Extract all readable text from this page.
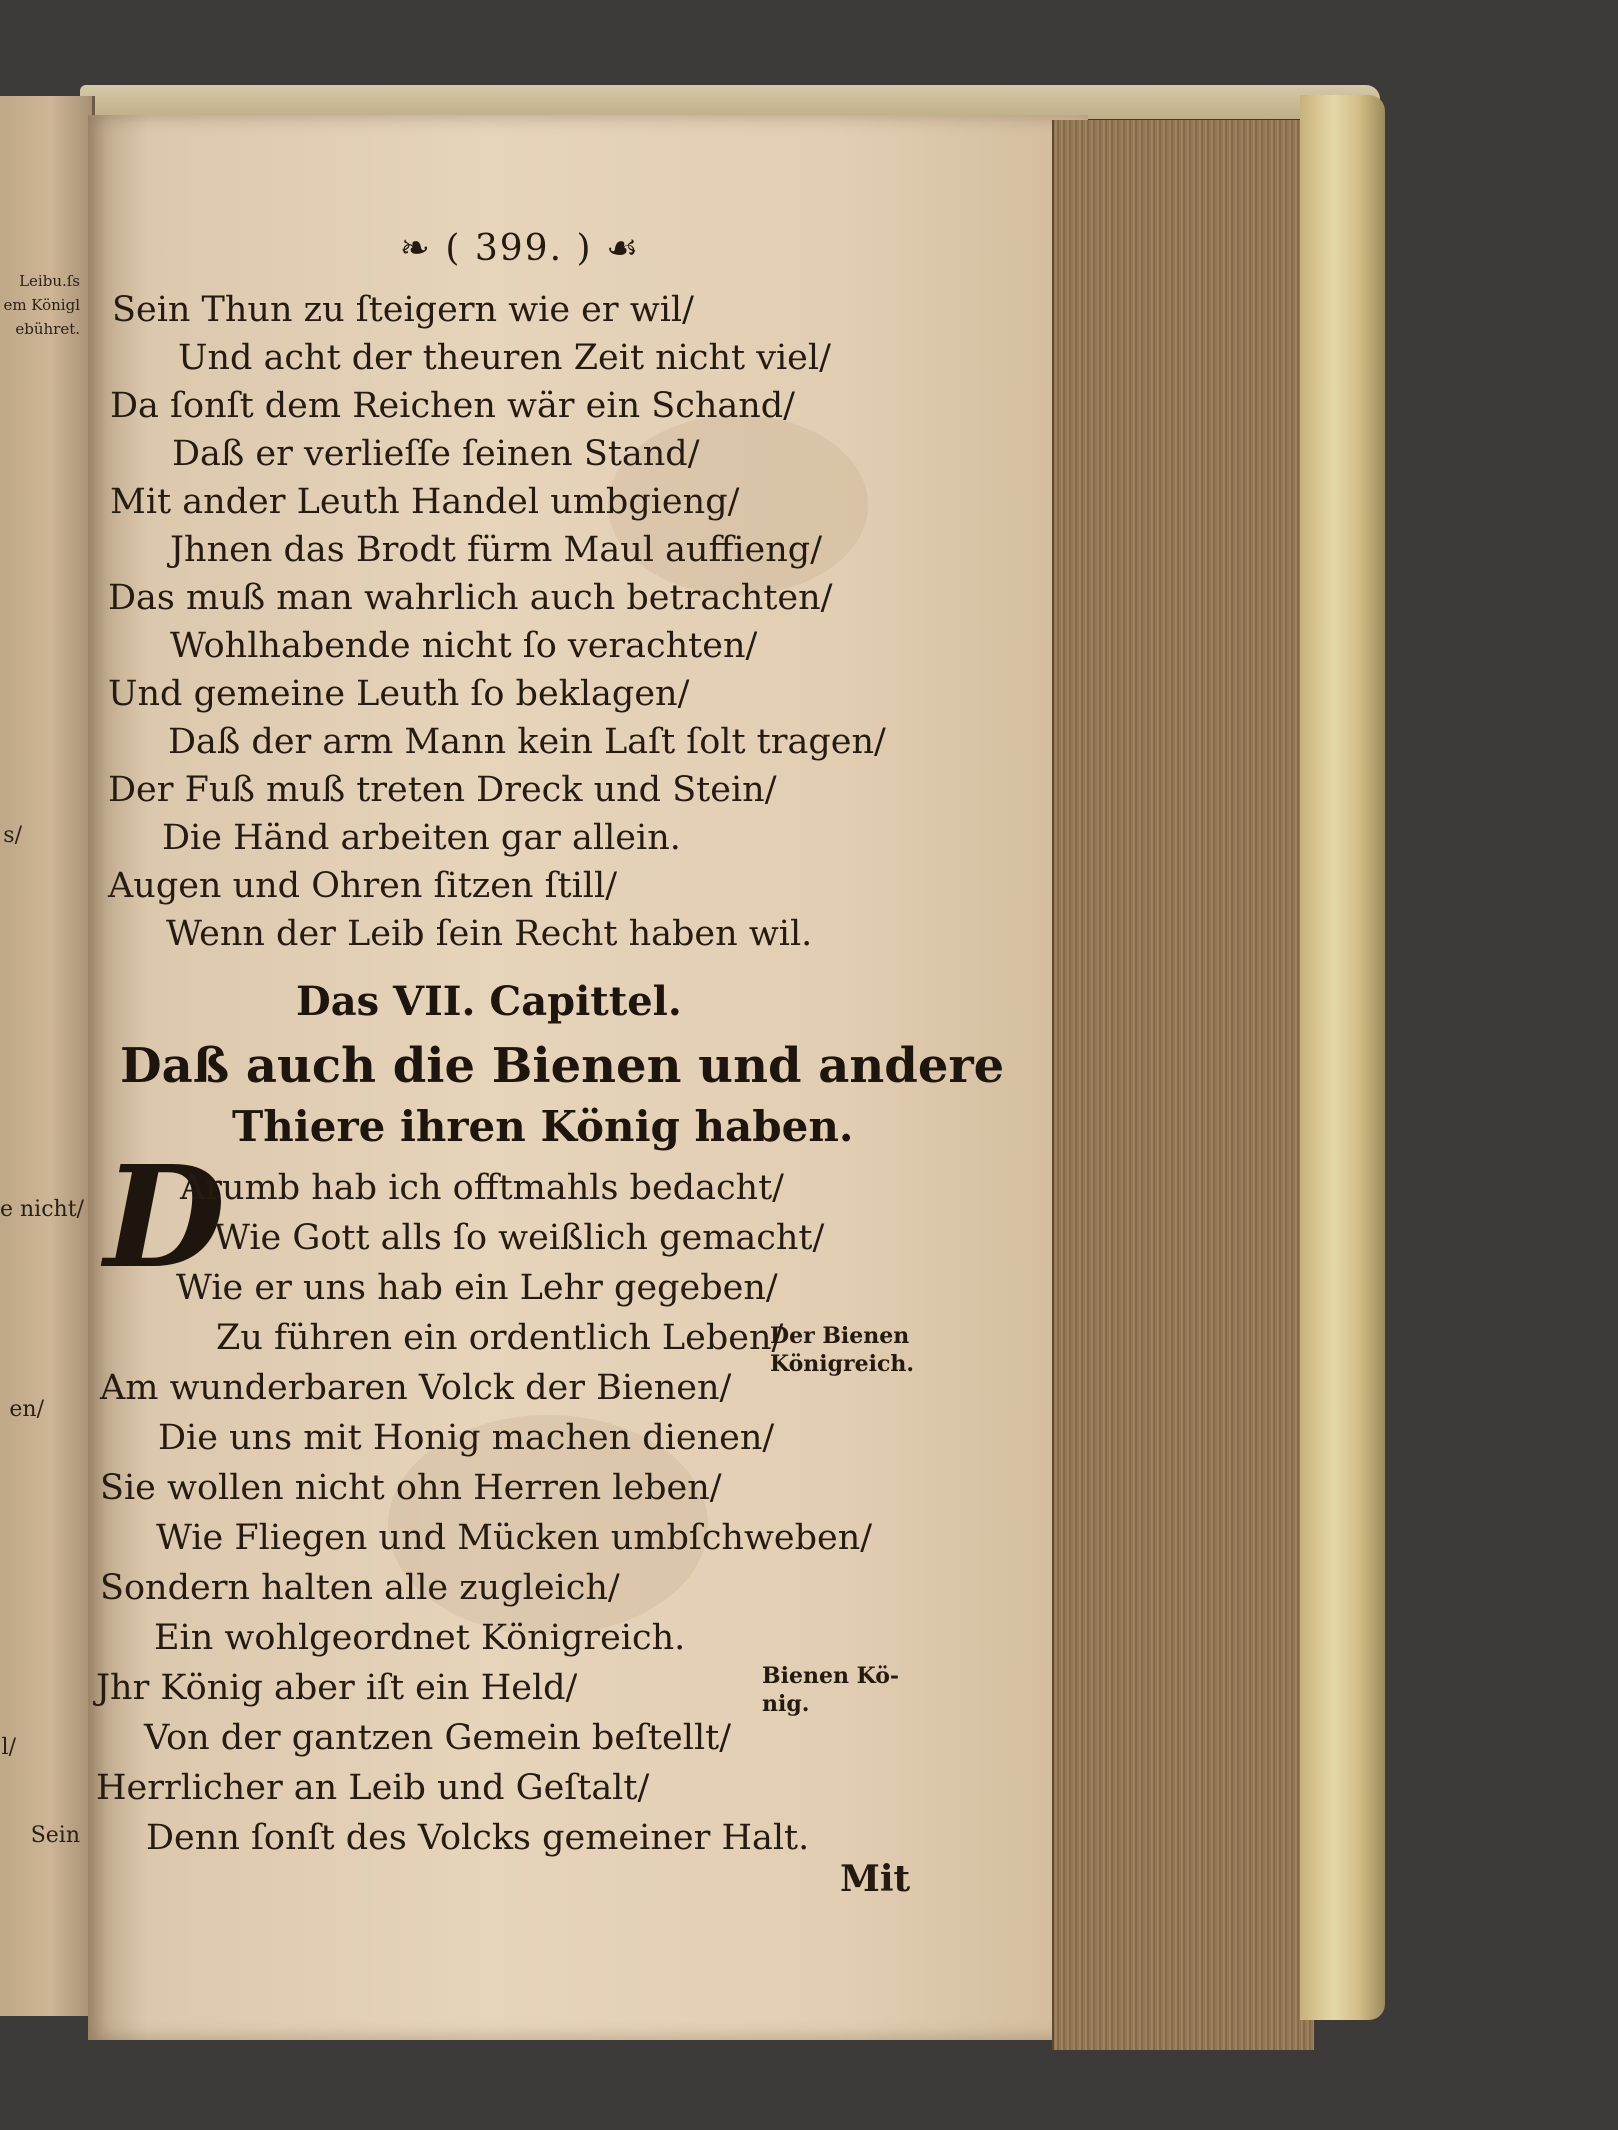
Leibu.ſs
em Königl
ebühret.
s/
e nicht/
en/
l/
Sein
❧ ( 399. ) ☙
Sein Thun zu ſteigern wie er wil/
Und acht der theuren Zeit nicht viel/
Da ſonſt dem Reichen wär ein Schand/
Daß er verlieſſe ſeinen Stand/
Mit ander Leuth Handel umbgieng/
Jhnen das Brodt fürm Maul auffieng/
Das muß man wahrlich auch betrachten/
Wohlhabende nicht ſo verachten/
Und gemeine Leuth ſo beklagen/
Daß der arm Mann kein Laſt ſolt tragen/
Der Fuß muß treten Dreck und Stein/
Die Händ arbeiten gar allein.
Augen und Ohren ſitzen ſtill/
Wenn der Leib ſein Recht haben wil.
Das VII. Capittel.
Daß auch die Bienen und andere
Thiere ihren König haben.
D
Arumb hab ich offtmahls bedacht/
Wie Gott alls ſo weißlich gemacht/
Wie er uns hab ein Lehr gegeben/
Zu führen ein ordentlich Leben/
Am wunderbaren Volck der Bienen/
Die uns mit Honig machen dienen/
Sie wollen nicht ohn Herren leben/
Wie Fliegen und Mücken umbſchweben/
Sondern halten alle zugleich/
Ein wohlgeordnet Königreich.
Jhr König aber iſt ein Held/
Von der gantzen Gemein beſtellt/
Herrlicher an Leib und Geſtalt/
Denn ſonſt des Volcks gemeiner Halt.
Der Bienen
Königreich.
Bienen Kö-
nig.
Mit
